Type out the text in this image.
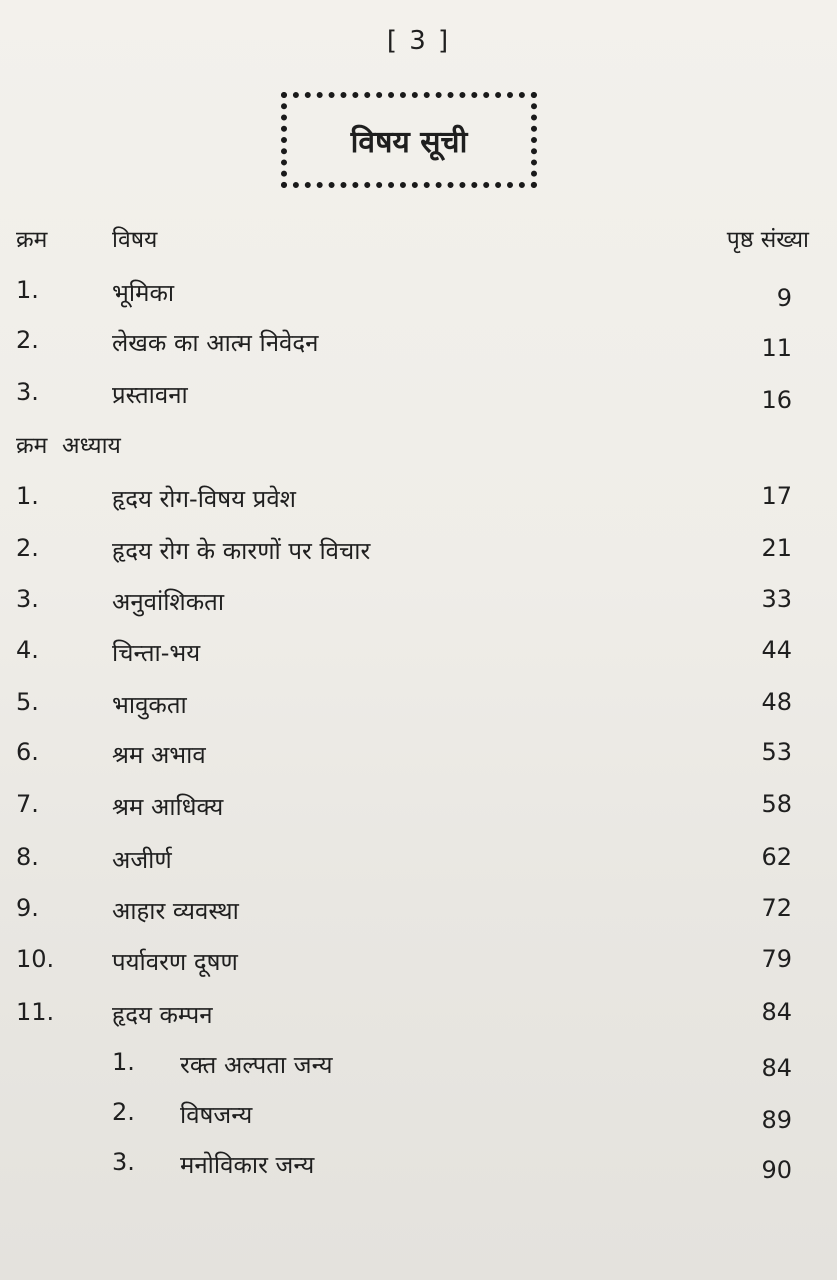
[ 3 ]
विषय सूची
क्रम	विषय	पृष्ठ संख्या
1.	भूमिका	9
2.	लेखक का आत्म निवेदन	11
3.	प्रस्तावना	16
क्रम  अध्याय
1.	हृदय रोग-विषय प्रवेश	17
2.	हृदय रोग के कारणों पर विचार	21
3.	अनुवांशिकता	33
4.	चिन्ता-भय	44
5.	भावुकता	48
6.	श्रम अभाव	53
7.	श्रम आधिक्य	58
8.	अजीर्ण	62
9.	आहार व्यवस्था	72
10. पर्यावरण दूषण	79
11. हृदय कम्पन	84
1. रक्त अल्पता जन्य	84
2. विषजन्य	89
3. मनोविकार जन्य	90
